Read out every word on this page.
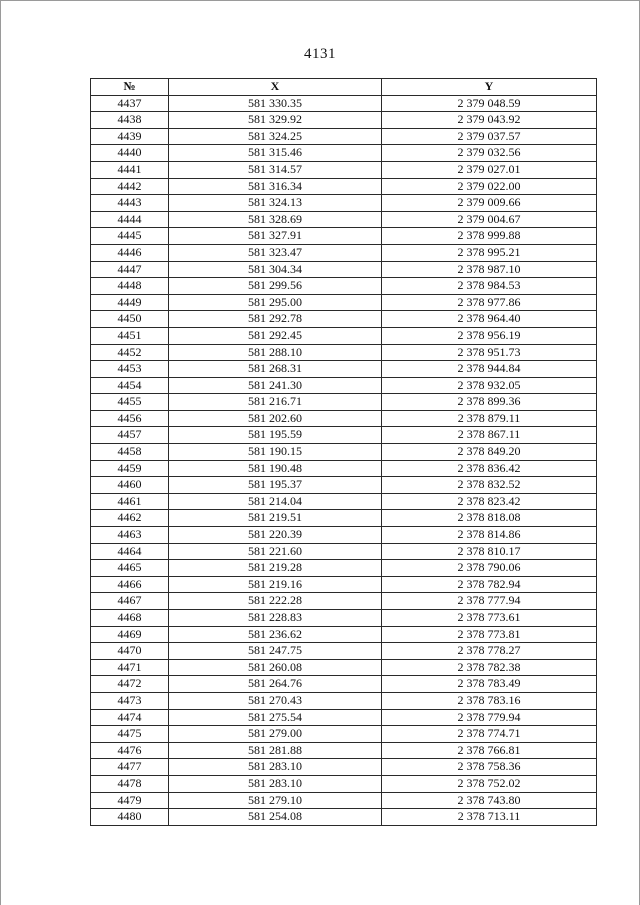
4131
№	X	Y
4437	581 330.35	2 379 048.59
4438	581 329.92	2 379 043.92
4439	581 324.25	2 379 037.57
4440	581 315.46	2 379 032.56
4441	581 314.57	2 379 027.01
4442	581 316.34	2 379 022.00
4443	581 324.13	2 379 009.66
4444	581 328.69	2 379 004.67
4445	581 327.91	2 378 999.88
4446	581 323.47	2 378 995.21
4447	581 304.34	2 378 987.10
4448	581 299.56	2 378 984.53
4449	581 295.00	2 378 977.86
4450	581 292.78	2 378 964.40
4451	581 292.45	2 378 956.19
4452	581 288.10	2 378 951.73
4453	581 268.31	2 378 944.84
4454	581 241.30	2 378 932.05
4455	581 216.71	2 378 899.36
4456	581 202.60	2 378 879.11
4457	581 195.59	2 378 867.11
4458	581 190.15	2 378 849.20
4459	581 190.48	2 378 836.42
4460	581 195.37	2 378 832.52
4461	581 214.04	2 378 823.42
4462	581 219.51	2 378 818.08
4463	581 220.39	2 378 814.86
4464	581 221.60	2 378 810.17
4465	581 219.28	2 378 790.06
4466	581 219.16	2 378 782.94
4467	581 222.28	2 378 777.94
4468	581 228.83	2 378 773.61
4469	581 236.62	2 378 773.81
4470	581 247.75	2 378 778.27
4471	581 260.08	2 378 782.38
4472	581 264.76	2 378 783.49
4473	581 270.43	2 378 783.16
4474	581 275.54	2 378 779.94
4475	581 279.00	2 378 774.71
4476	581 281.88	2 378 766.81
4477	581 283.10	2 378 758.36
4478	581 283.10	2 378 752.02
4479	581 279.10	2 378 743.80
4480	581 254.08	2 378 713.11
